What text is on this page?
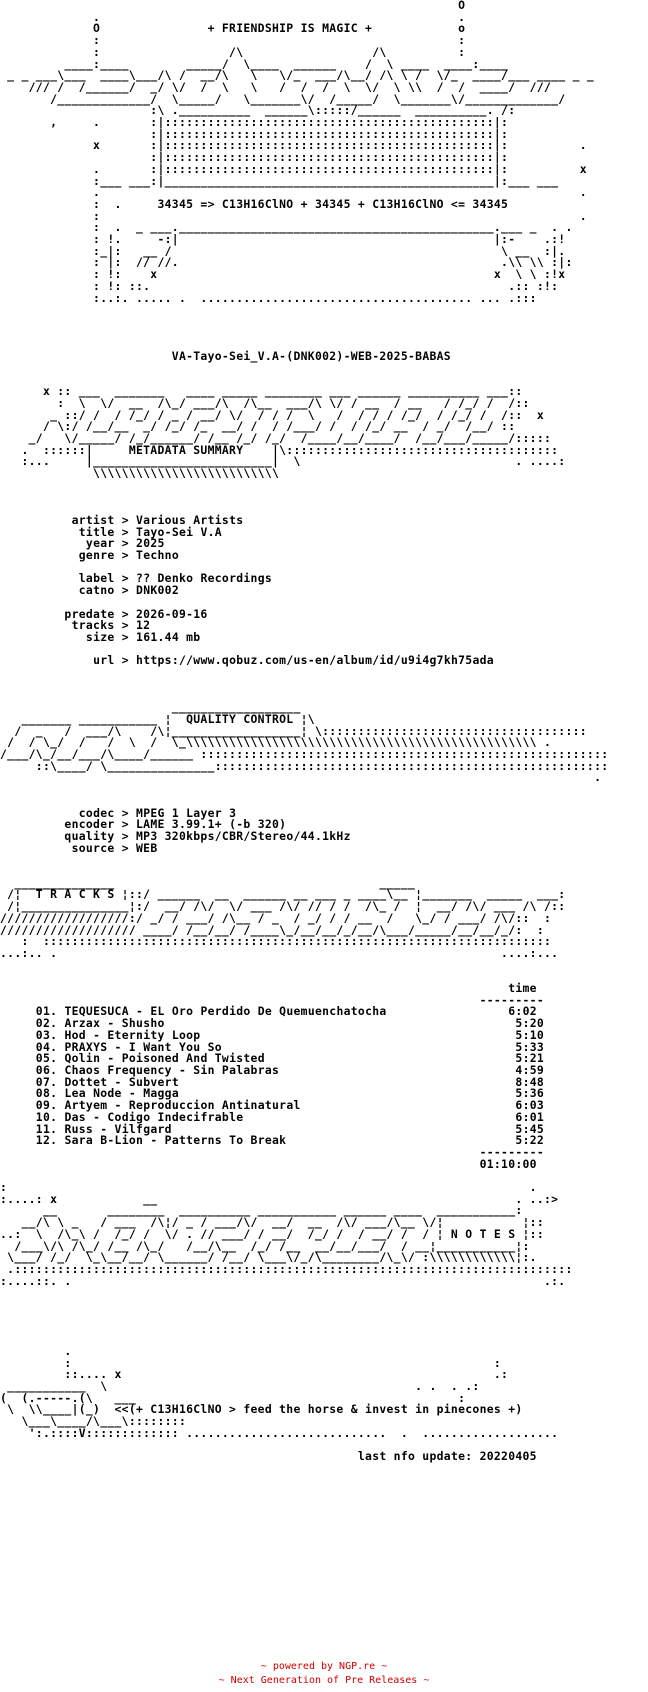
O
.                                                  .
O               + FRIENDSHIP IS MAGIC +            o
:                                                  :
:                  /\                  /\          :
____:____        _____/  \____  ______    /  \ ____  ____:____
_ _ ___\___  ____\___/\ /  __/\   \   \/_  ___/\__/ /\ \ /  \/_  ____/___ ____ _ _
/// /  /______/  _/ \/  /  \   \   /  /  /  \  \/  \ \\  /  /  ____/  ///
/_____________/  \_____/   \_______\/  /_____/  \_______\/_____________/
:\ .__________  ______\:::::/______  __________. /:
,     .       :|::::::::::::::::::::::::::::::::::::::::::::::|:
:|::::::::::::::::::::::::::::::::::::::::::::::|:
x       :|::::::::::::::::::::::::::::::::::::::::::::::|:          .
:|::::::::::::::::::::::::::::::::::::::::::::::|:
.       :|::::::::::::::::::::::::::::::::::::::::::::::|:          x
:___ ___:|______________________________________________|:___ ___
.                                                                   .
:  .     34345 => C13H16ClNO + 34345 + C13H16ClNO <= 34345
:                                                                   .
:  .  _ ___.____________________________________________.___ _  . .
: !.     -:|                                            |:-    .:!
:_|:   __ /                                              \ __  :|.
: |:  // //.                                             .\\ \\ :|:
: !:    x                                               x  \ \ :!x
: !: ::.                                                  .:: :!:
:..:. ..... .  ...................................... ... .:::

VA-Tayo-Sei_V.A-(DNK002)-WEB-2025-BABAS

x :: ___  _______   ____ _____ ________ ___ ______ __________ ___::
:  \  \/  __  /\_/ ___/\  /\__  ___/\ \/ / __  / __   / /_/ /  /::
_ ::/ /  / /_/ / _ / __/ \/  / / /  \   /  / / / /_/  / /_/ /  /::  x
/ \:/ /__/__  _/ /_/ /_  __/ /  / /___/ /  / /_/ __  / _/  /__/ ::
_/   \/_____/ /_/______/ /__ /_/ /_/  /____/__/____/  /__/___/_____/:::::
.  ::::::|     METADATA SUMMARY    |\::::::::::::::::::::::::::::::::::::::
:...     |_________________________|  \                              . ....:
\\\\\\\\\\\\\\\\\\\\\\\\\\

artist > Various Artists
title > Tayo-Sei V.A
year > 2025
genre > Techno

label > ?? Denko Recordings
catno > DNK002

predate > 2026-09-16
tracks > 12
size > 161.44 mb

url > https://www.qobuz.com/us-en/album/id/u9i4g7kh75ada

__________________
_______ ___________ ¦  QUALITY CONTROL ¦\
/  _   /  ___/\    /\¦__________________¦ \:::::::::::::::::::::::::::::::::::::
/  / \_/  /   /  \  /  \_\\\\\\\\\\\\\\\\\\\\\\\\\\\\\\\\\\\\\\\\\\\\\\\\\ .
/___/\_/__/___/\____/______ :::::::::::::::::::::::::::::::::::::::::::::::::::::::::
::\____/ \_______________:::::::::::::::::::::::::::::::::::::::::::::::::::::::
.

codec > MPEG 1 Layer 3
encoder > LAME 3.99.1+ (-b 320)
quality > MP3 320kbps/CBR/Stereo/44.1kHz
source > WEB

______________                                     _____
/¦  T R A C K S ¦::/ ______  __  ______ __ ___ _ ____\__ ¦_______  _____  ___:
/¦_______________¦:/  __/ /\/  \/ ___ /\/ // / /  /\_ /  ¦  __/ /\/ ___ /\ /::
//////////////////:/ _/ / ___/ /\__ / _  / _/ / / __  /   \_/ / ___/ /\/::  :
/////////////////// ____/ /__/__/ /____\_/__/__/_/__/\___/_____/__/__/_/:  :
:  :::::::::::::::::::::::::::::::::::::::::::::::::::::::::::::::::::::::
...:.. .                                                              ....:...

time
---------
01. TEQUESUCA - EL Oro Perdido De Quemuenchatocha	6:02
02. Arzax - Shusho	5:20
03. Hod - Eternity Loop	5:10
04. PRAXYS - I Want You So	5:33
05. Qolin - Poisoned And Twisted	5:21
06. Chaos Frequency - Sin Palabras	4:59
07. Dottet - Subvert	8:48
08. Lea Node - Magga	5:36
09. Artyem - Reproduccion Antinatural	6:03
10. Das - Codigo Indecifrable	6:01
11. Russ - Vilfgard	5:45
12. Sara B-Lion - Patterns To Break	5:22
---------
01:10:00

:                                                                         .
:....: x            __                                                  . ..:>
__       ________  __________ ___________ ______ ____  ___________:
__/\ \ _   / ___  /\¦/ _ / ___/\/  __/  __  /\/ ___/\__ \/¦           ¦::
..:  \  /\_\ /  /_/ /  \/ . // ___/ / __/  /_/ /  / __/ /  / ¦ N O T E S ¦::
/___\/\ /\_/ /__ /\_/   /__/\__  /_/ /__  __/__/___/  / __¦___________¦:
\___/ /_/  \_\__/__/ \______/ /__/ \___\/_/\________/\_\/ :\\\\\\\\\\\\¦:.
.::::::::::::::::::::::::::::::::::::::::::::::::::::::::::::::::::::::::::::::
:....::. .                                                                  .:.

.
:                                                           :
::.... x                                                    .:
___________  \                                           . .  . .:
(  (.-----.(\   ___                                             :
\  \\____|(_)  <<(+ C13H16ClNO > feed the horse & invest in pinecones +)
\___\____/\___\::::::::
':.::::V::::::::::::: ............................  .  ...................

last nfo update: 20220405
~ powered by NGP.re ~
~ Next Generation of Pre Releases ~
